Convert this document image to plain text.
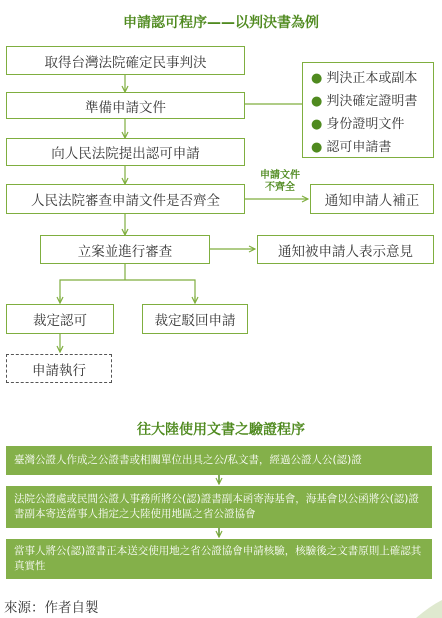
申請認可程序——以判決書為例
取得台灣法院確定民事判決
準備申請文件
向人民法院提出認可申請
人民法院審查申請文件是否齊全	通知申請人補正
立案並進行審查	通知被申請人表示意見
裁定認可	裁定駁回申請
申請執行
● 判決正本或副本
● 判決確定證明書
● 身份證明文件
● 認可申請書
申請文件
不齊全
往大陸使用文書之驗證程序
臺灣公證人作成之公證書或相關單位出具之公/私文書，經過公證人公(認)證
法院公證處或民間公證人事務所將公(認)證書副本函寄海基會，海基會以公函將公(認)證書副本寄送當事人指定之大陸使用地區之省公證協會
當事人將公(認)證書正本送交使用地之省公證協會申請核驗，核驗後之文書原則上確認其真實性
來源：作者自製
